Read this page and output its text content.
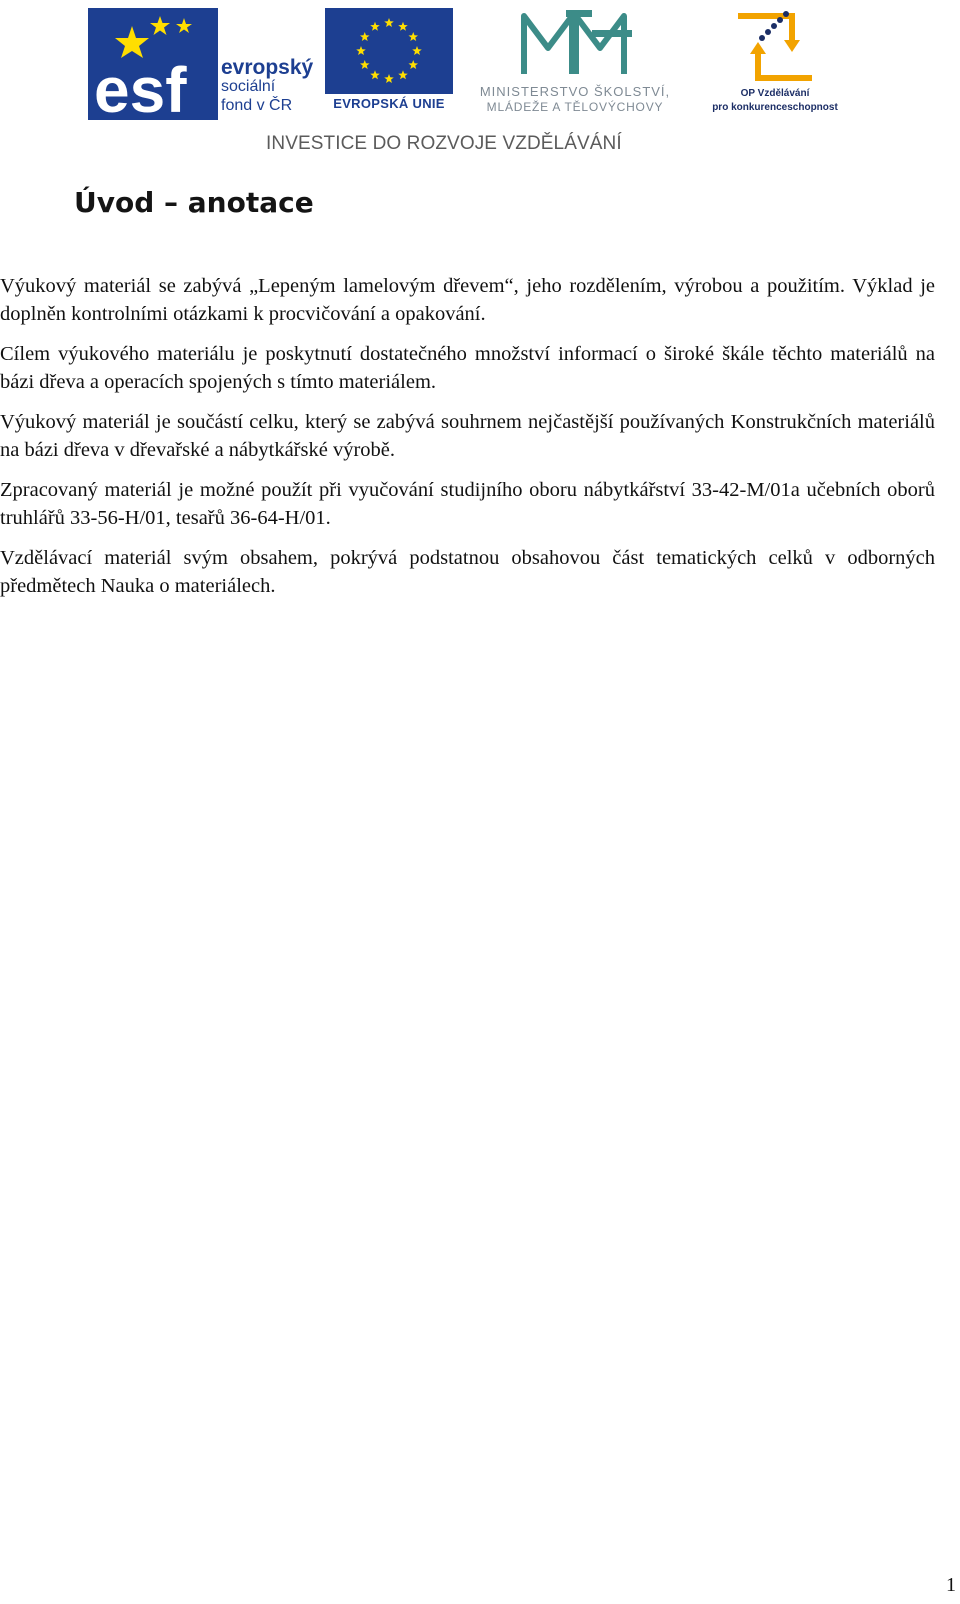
esf evropský
sociální
fond v ČR	EVROPSKÁ UNIE
MINISTERSTVO ŠKOLSTVÍ,
MLÁDEŽE A TĚLOVÝCHOVY
OP Vzdělávání
pro konkurenceschopnost
INVESTICE DO ROZVOJE VZDĚLÁVÁNÍ
Úvod – anotace

Výukový materiál se zabývá „Lepeným lamelovým dřevem“, jeho rozdělením, výrobou a použitím. Výklad je doplněn kontrolními otázkami k procvičování a opakování.

Cílem výukového materiálu je poskytnutí dostatečného množství informací o široké škále těchto materiálů na bázi dřeva a operacích spojených s tímto materiálem.

Výukový materiál je součástí celku, který se zabývá souhrnem nejčastější používaných Konstrukčních materiálů na bázi dřeva v dřevařské a nábytkářské výrobě.

Zpracovaný materiál je možné použít při vyučování studijního oboru nábytkářství 33-42-M/01a učebních oborů truhlářů 33-56-H/01, tesařů 36-64-H/01.

Vzdělávací materiál svým obsahem, pokrývá podstatnou obsahovou část tematických celků v odborných předmětech Nauka o materiálech.

1
